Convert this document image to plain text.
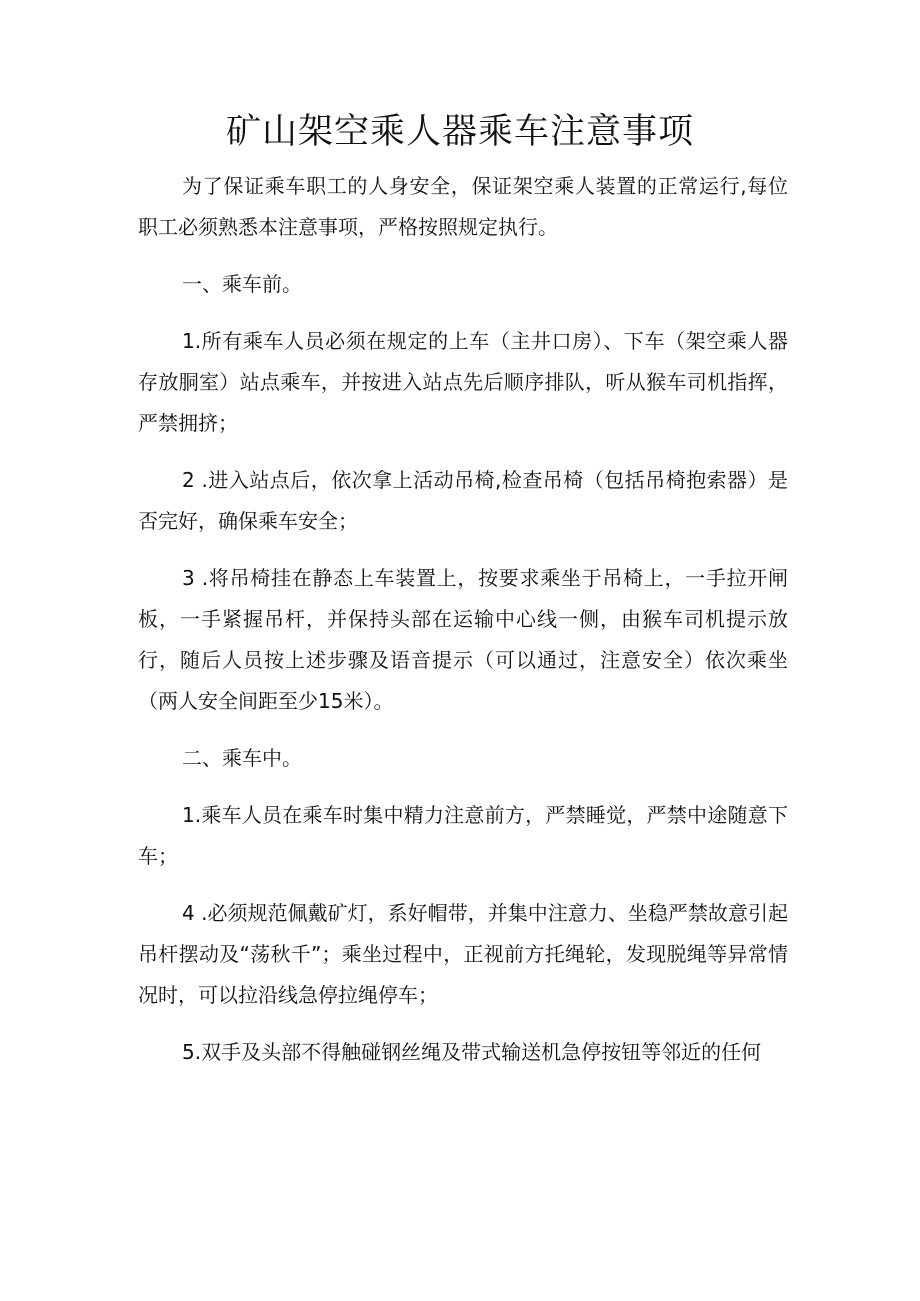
矿山架空乘人器乘车注意事项

为了保证乘车职工的人身安全，保证架空乘人装置的正常运行,每位职工必须熟悉本注意事项，严格按照规定执行。

一、乘车前。

1.所有乘车人员必须在规定的上车（主井口房）、下车（架空乘人器存放胴室）站点乘车，并按进入站点先后顺序排队，听从猴车司机指挥，严禁拥挤；

2 .进入站点后，依次拿上活动吊椅,检查吊椅（包括吊椅抱索器）是否完好，确保乘车安全；

3 .将吊椅挂在静态上车装置上，按要求乘坐于吊椅上，一手拉开闸板，一手紧握吊杆，并保持头部在运输中心线一侧，由猴车司机提示放行，随后人员按上述步骤及语音提示（可以通过，注意安全）依次乘坐（两人安全间距至少15米）。

二、乘车中。

1.乘车人员在乘车时集中精力注意前方，严禁睡觉，严禁中途随意下车；

4 .必须规范佩戴矿灯，系好帽带，并集中注意力、坐稳严禁故意引起吊杆摆动及“荡秋千”；乘坐过程中，正视前方托绳轮，发现脱绳等异常情况时，可以拉沿线急停拉绳停车；

5.双手及头部不得触碰钢丝绳及带式输送机急停按钮等邻近的任何
